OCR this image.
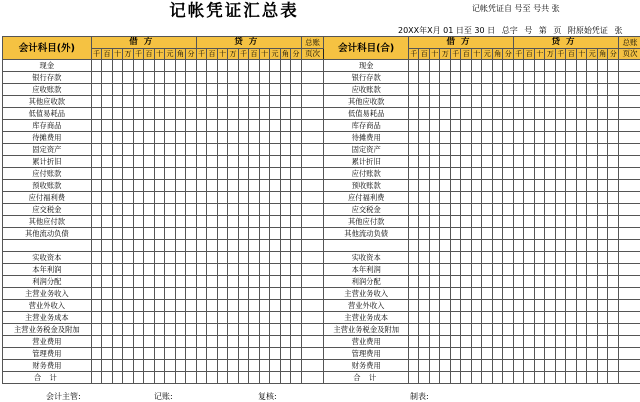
记帐凭证汇总表	记帐凭证自 号至 号共 张
20XX年X月 01 日至 30 日 总字 号 第 页 附原始凭证 张
会计科目(外)	借方										贷方										总账	会计科目(合)	借方										贷方										总账
	千	百	十	万	千	百	十	元	角	分	千	百	十	万	千	百	十	元	角	分	页次		千	百	十	万	千	百	十	元	角	分	千	百	十	万	千	百	十	元	角	分	页次
现金																						现金																					
银行存款																						银行存款																					
应收账款																						应收账款																					
其他应收款																						其他应收款																					
低值易耗品																						低值易耗品																					
库存商品																						库存商品																					
待摊费用																						待摊费用																					
固定资产																						固定资产																					
累计折旧																						累计折旧																					
应付账款																						应付账款																					
预收账款																						预收账款																					
应付福利费																						应付福利费																					
应交税金																						应交税金																					
其他应付款																						其他应付款																					
其他流动负债																						其他流动负债																					

实收资本																						实收资本																					
本年利润																						本年利润																					
利润分配																						利润分配																					
主营业务收入																						主营业务收入																					
营业外收入																						营业外收入																					
主营业务成本																						主营业务成本																					
主营业务税金及附加																						主营业务税金及附加																					
营业费用																						营业费用																					
管理费用																						管理费用																					
财务费用																						财务费用																					
合 计																						合 计																					
会计主管:	记账:	复核:	制表:
